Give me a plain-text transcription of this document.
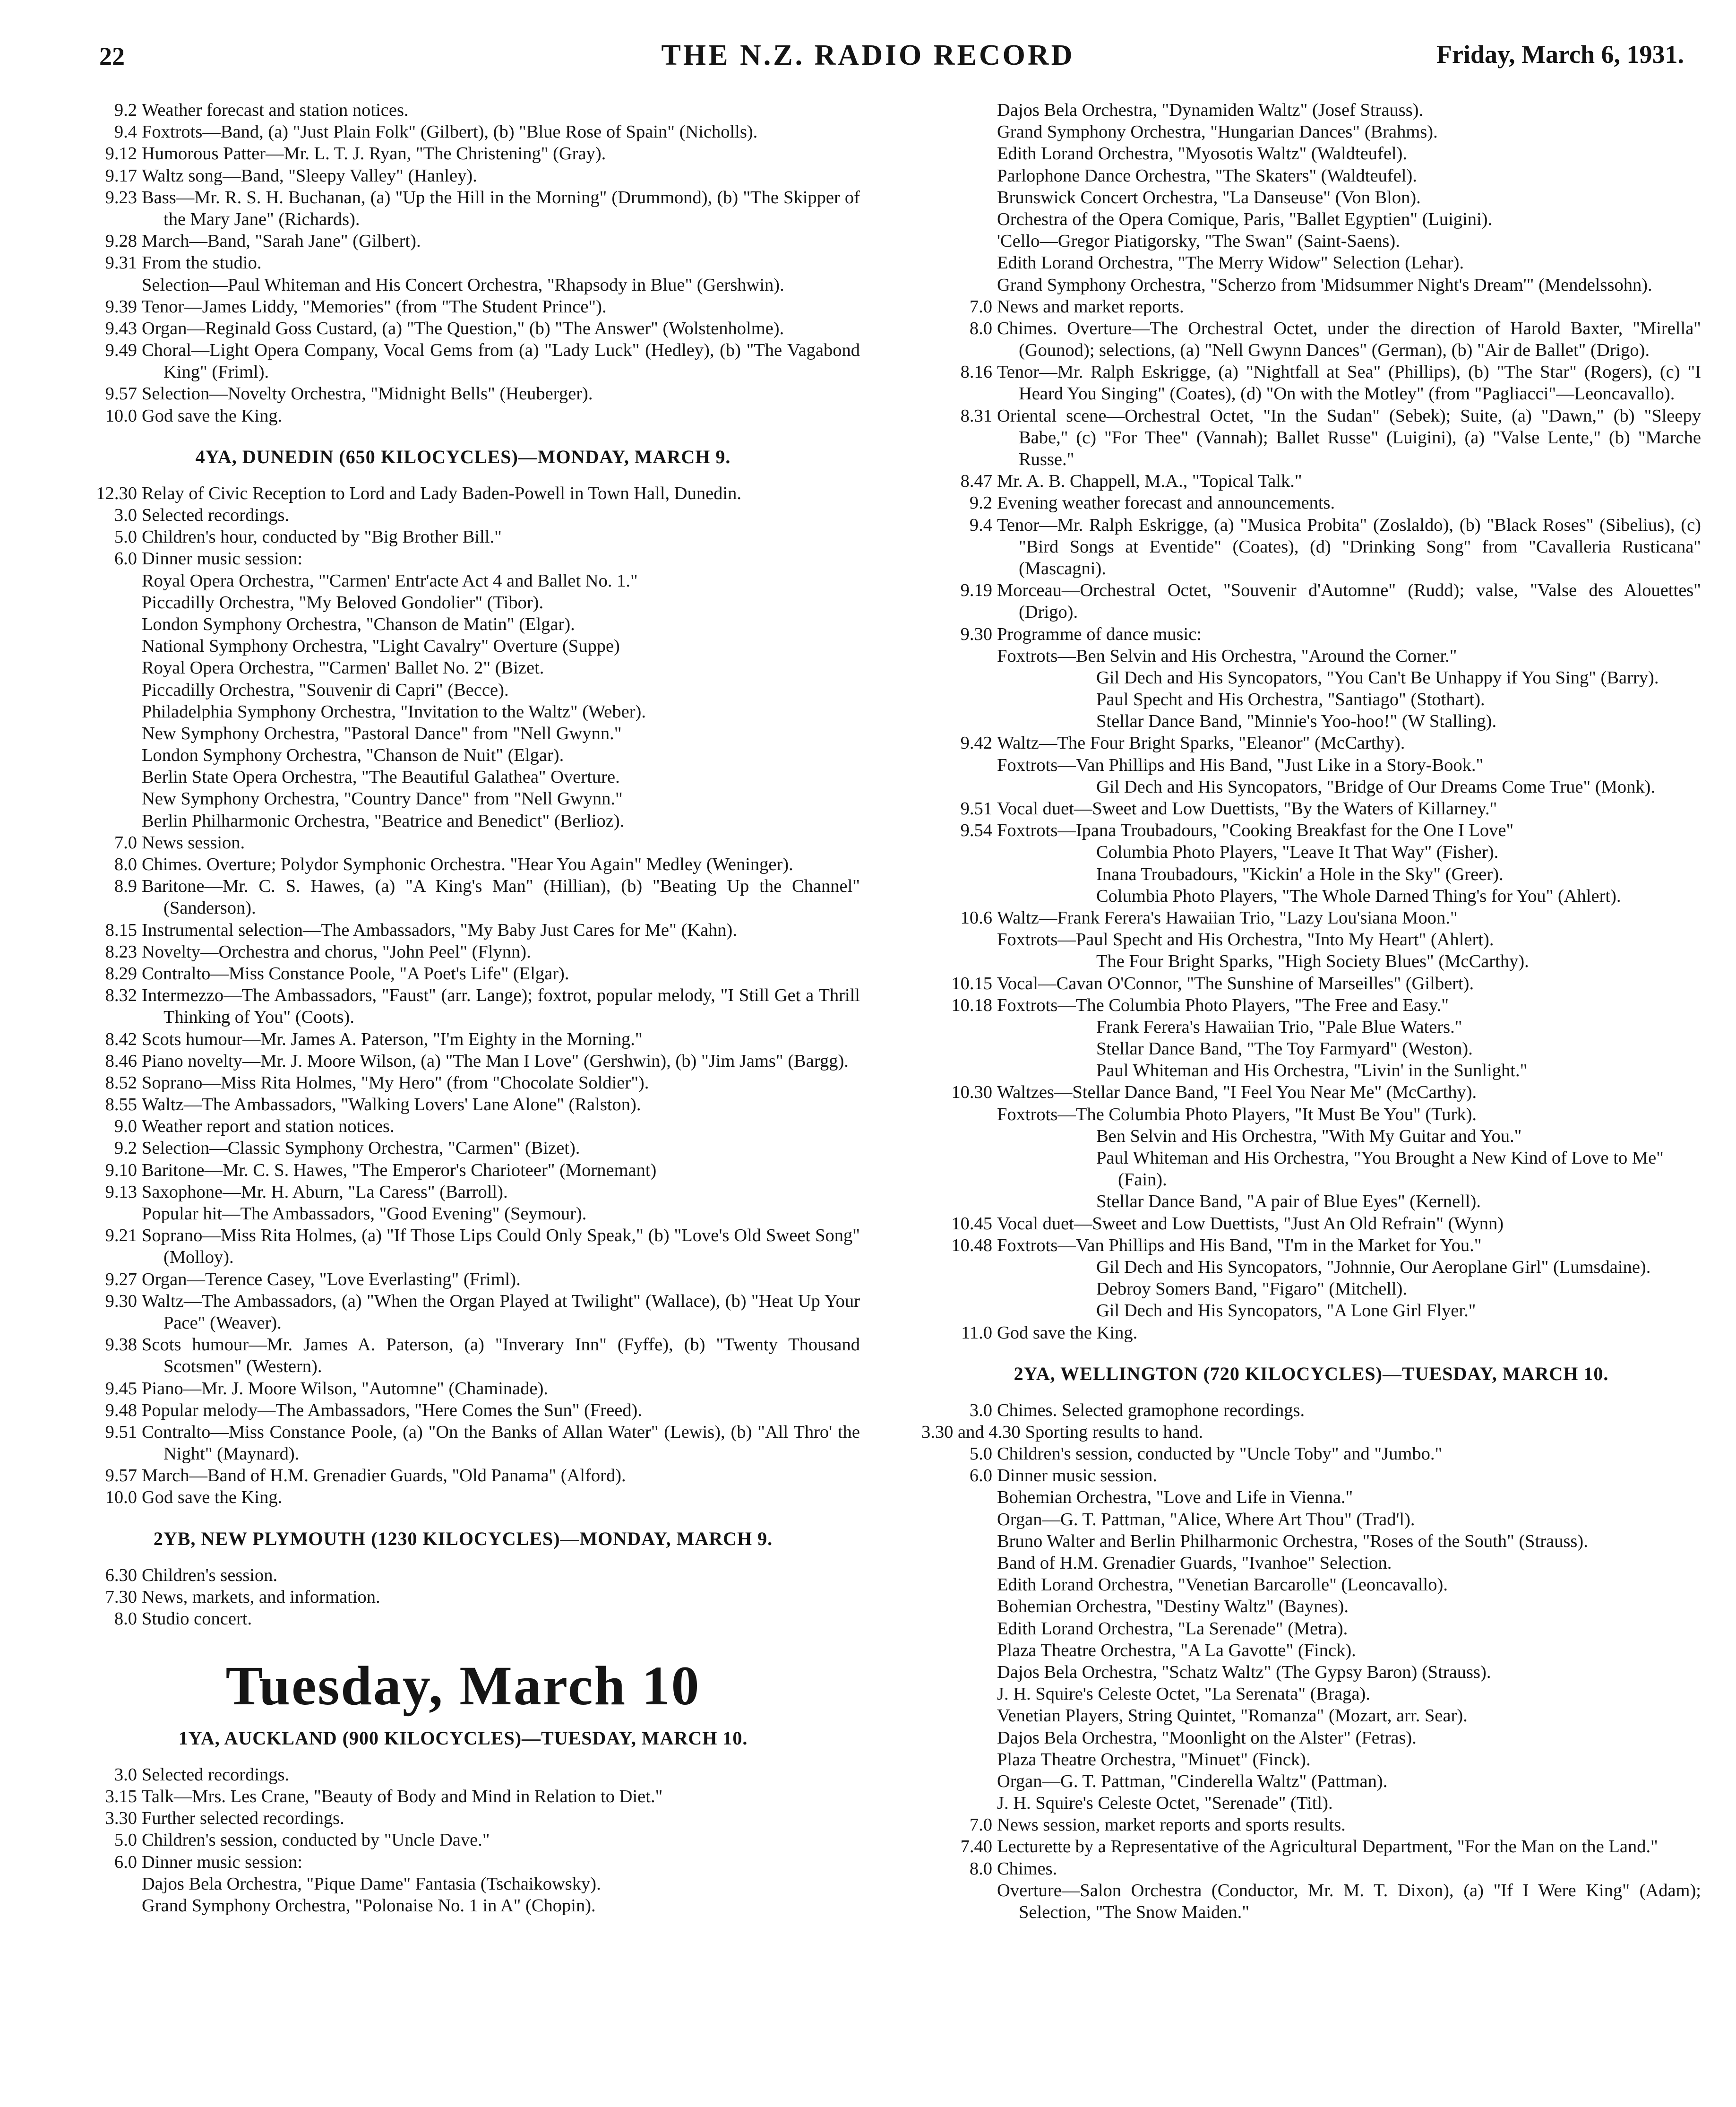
22	THE N.Z. RADIO RECORD	Friday, March 6, 1931.
9.2 Weather forecast and station notices.
9.4 Foxtrots—Band, (a) "Just Plain Folk" (Gilbert), (b) "Blue Rose of Spain" (Nicholls).
9.12 Humorous Patter—Mr. L. T. J. Ryan, "The Christening" (Gray).
9.17 Waltz song—Band, "Sleepy Valley" (Hanley).
9.23 Bass—Mr. R. S. H. Buchanan, (a) "Up the Hill in the Morning" (Drummond), (b) "The Skipper of the Mary Jane" (Richards).
9.28 March—Band, "Sarah Jane" (Gilbert).
9.31 From the studio.
Selection—Paul Whiteman and His Concert Orchestra, "Rhapsody in Blue" (Gershwin).
9.39 Tenor—James Liddy, "Memories" (from "The Student Prince").
9.43 Organ—Reginald Goss Custard, (a) "The Question," (b) "The Answer" (Wolstenholme).
9.49 Choral—Light Opera Company, Vocal Gems from (a) "Lady Luck" (Hedley), (b) "The Vagabond King" (Friml).
9.57 Selection—Novelty Orchestra, "Midnight Bells" (Heuberger).
10.0 God save the King.
4YA, DUNEDIN (650 KILOCYCLES)—MONDAY, MARCH 9.
12.30 Relay of Civic Reception to Lord and Lady Baden-Powell in Town Hall, Dunedin.
3.0 Selected recordings.
5.0 Children's hour, conducted by "Big Brother Bill."
6.0 Dinner music session:
Royal Opera Orchestra, "'Carmen' Entr'acte Act 4 and Ballet No. 1."
Piccadilly Orchestra, "My Beloved Gondolier" (Tibor).
London Symphony Orchestra, "Chanson de Matin" (Elgar).
National Symphony Orchestra, "Light Cavalry" Overture (Suppe)
Royal Opera Orchestra, "'Carmen' Ballet No. 2" (Bizet.
Piccadilly Orchestra, "Souvenir di Capri" (Becce).
Philadelphia Symphony Orchestra, "Invitation to the Waltz" (Weber).
New Symphony Orchestra, "Pastoral Dance" from "Nell Gwynn."
London Symphony Orchestra, "Chanson de Nuit" (Elgar).
Berlin State Opera Orchestra, "The Beautiful Galathea" Overture.
New Symphony Orchestra, "Country Dance" from "Nell Gwynn."
Berlin Philharmonic Orchestra, "Beatrice and Benedict" (Berlioz).
7.0 News session.
8.0 Chimes. Overture; Polydor Symphonic Orchestra. "Hear You Again" Medley (Weninger).
8.9 Baritone—Mr. C. S. Hawes, (a) "A King's Man" (Hillian), (b) "Beating Up the Channel" (Sanderson).
8.15 Instrumental selection—The Ambassadors, "My Baby Just Cares for Me" (Kahn).
8.23 Novelty—Orchestra and chorus, "John Peel" (Flynn).
8.29 Contralto—Miss Constance Poole, "A Poet's Life" (Elgar).
8.32 Intermezzo—The Ambassadors, "Faust" (arr. Lange); foxtrot, popular melody, "I Still Get a Thrill Thinking of You" (Coots).
8.42 Scots humour—Mr. James A. Paterson, "I'm Eighty in the Morning."
8.46 Piano novelty—Mr. J. Moore Wilson, (a) "The Man I Love" (Gershwin), (b) "Jim Jams" (Bargg).
8.52 Soprano—Miss Rita Holmes, "My Hero" (from "Chocolate Soldier").
8.55 Waltz—The Ambassadors, "Walking Lovers' Lane Alone" (Ralston).
9.0 Weather report and station notices.
9.2 Selection—Classic Symphony Orchestra, "Carmen" (Bizet).
9.10 Baritone—Mr. C. S. Hawes, "The Emperor's Charioteer" (Mornemant)
9.13 Saxophone—Mr. H. Aburn, "La Caress" (Barroll).
Popular hit—The Ambassadors, "Good Evening" (Seymour).
9.21 Soprano—Miss Rita Holmes, (a) "If Those Lips Could Only Speak," (b) "Love's Old Sweet Song" (Molloy).
9.27 Organ—Terence Casey, "Love Everlasting" (Friml).
9.30 Waltz—The Ambassadors, (a) "When the Organ Played at Twilight" (Wallace), (b) "Heat Up Your Pace" (Weaver).
9.38 Scots humour—Mr. James A. Paterson, (a) "Inverary Inn" (Fyffe), (b) "Twenty Thousand Scotsmen" (Western).
9.45 Piano—Mr. J. Moore Wilson, "Automne" (Chaminade).
9.48 Popular melody—The Ambassadors, "Here Comes the Sun" (Freed).
9.51 Contralto—Miss Constance Poole, (a) "On the Banks of Allan Water" (Lewis), (b) "All Thro' the Night" (Maynard).
9.57 March—Band of H.M. Grenadier Guards, "Old Panama" (Alford).
10.0 God save the King.
2YB, NEW PLYMOUTH (1230 KILOCYCLES)—MONDAY, MARCH 9.
6.30 Children's session.
7.30 News, markets, and information.
8.0 Studio concert.
Tuesday, March 10
1YA, AUCKLAND (900 KILOCYCLES)—TUESDAY, MARCH 10.
3.0 Selected recordings.
3.15 Talk—Mrs. Les Crane, "Beauty of Body and Mind in Relation to Diet."
3.30 Further selected recordings.
5.0 Children's session, conducted by "Uncle Dave."
6.0 Dinner music session:
Dajos Bela Orchestra, "Pique Dame" Fantasia (Tschaikowsky).
Grand Symphony Orchestra, "Polonaise No. 1 in A" (Chopin).
Dajos Bela Orchestra, "Dynamiden Waltz" (Josef Strauss).
Grand Symphony Orchestra, "Hungarian Dances" (Brahms).
Edith Lorand Orchestra, "Myosotis Waltz" (Waldteufel).
Parlophone Dance Orchestra, "The Skaters" (Waldteufel).
Brunswick Concert Orchestra, "La Danseuse" (Von Blon).
Orchestra of the Opera Comique, Paris, "Ballet Egyptien" (Luigini).
'Cello—Gregor Piatigorsky, "The Swan" (Saint-Saens).
Edith Lorand Orchestra, "The Merry Widow" Selection (Lehar).
Grand Symphony Orchestra, "Scherzo from 'Midsummer Night's Dream'" (Mendelssohn).
7.0 News and market reports.
8.0 Chimes. Overture—The Orchestral Octet, under the direction of Harold Baxter, "Mirella" (Gounod); selections, (a) "Nell Gwynn Dances" (German), (b) "Air de Ballet" (Drigo).
8.16 Tenor—Mr. Ralph Eskrigge, (a) "Nightfall at Sea" (Phillips), (b) "The Star" (Rogers), (c) "I Heard You Singing" (Coates), (d) "On with the Motley" (from "Pagliacci"—Leoncavallo).
8.31 Oriental scene—Orchestral Octet, "In the Sudan" (Sebek); Suite, (a) "Dawn," (b) "Sleepy Babe," (c) "For Thee" (Vannah); Ballet Russe" (Luigini), (a) "Valse Lente," (b) "Marche Russe."
8.47 Mr. A. B. Chappell, M.A., "Topical Talk."
9.2 Evening weather forecast and announcements.
9.4 Tenor—Mr. Ralph Eskrigge, (a) "Musica Probita" (Zoslaldo), (b) "Black Roses" (Sibelius), (c) "Bird Songs at Eventide" (Coates), (d) "Drinking Song" from "Cavalleria Rusticana" (Mascagni).
9.19 Morceau—Orchestral Octet, "Souvenir d'Automne" (Rudd); valse, "Valse des Alouettes" (Drigo).
9.30 Programme of dance music:
Foxtrots—Ben Selvin and His Orchestra, "Around the Corner."
Gil Dech and His Syncopators, "You Can't Be Unhappy if You Sing" (Barry).
Paul Specht and His Orchestra, "Santiago" (Stothart).
Stellar Dance Band, "Minnie's Yoo-hoo!" (W Stalling).
9.42 Waltz—The Four Bright Sparks, "Eleanor" (McCarthy).
Foxtrots—Van Phillips and His Band, "Just Like in a Story-Book."
Gil Dech and His Syncopators, "Bridge of Our Dreams Come True" (Monk).
9.51 Vocal duet—Sweet and Low Duettists, "By the Waters of Killarney."
9.54 Foxtrots—Ipana Troubadours, "Cooking Breakfast for the One I Love"
Columbia Photo Players, "Leave It That Way" (Fisher).
Inana Troubadours, "Kickin' a Hole in the Sky" (Greer).
Columbia Photo Players, "The Whole Darned Thing's for You" (Ahlert).
10.6 Waltz—Frank Ferera's Hawaiian Trio, "Lazy Lou'siana Moon."
Foxtrots—Paul Specht and His Orchestra, "Into My Heart" (Ahlert).
The Four Bright Sparks, "High Society Blues" (McCarthy).
10.15 Vocal—Cavan O'Connor, "The Sunshine of Marseilles" (Gilbert).
10.18 Foxtrots—The Columbia Photo Players, "The Free and Easy."
Frank Ferera's Hawaiian Trio, "Pale Blue Waters."
Stellar Dance Band, "The Toy Farmyard" (Weston).
Paul Whiteman and His Orchestra, "Livin' in the Sunlight."
10.30 Waltzes—Stellar Dance Band, "I Feel You Near Me" (McCarthy).
Foxtrots—The Columbia Photo Players, "It Must Be You" (Turk).
Ben Selvin and His Orchestra, "With My Guitar and You."
Paul Whiteman and His Orchestra, "You Brought a New Kind of Love to Me" (Fain).
Stellar Dance Band, "A pair of Blue Eyes" (Kernell).
10.45 Vocal duet—Sweet and Low Duettists, "Just An Old Refrain" (Wynn)
10.48 Foxtrots—Van Phillips and His Band, "I'm in the Market for You."
Gil Dech and His Syncopators, "Johnnie, Our Aeroplane Girl" (Lumsdaine).
Debroy Somers Band, "Figaro" (Mitchell).
Gil Dech and His Syncopators, "A Lone Girl Flyer."
11.0 God save the King.
2YA, WELLINGTON (720 KILOCYCLES)—TUESDAY, MARCH 10.
3.0 Chimes. Selected gramophone recordings.
3.30 and 4.30 Sporting results to hand.
5.0 Children's session, conducted by "Uncle Toby" and "Jumbo."
6.0 Dinner music session.
Bohemian Orchestra, "Love and Life in Vienna."
Organ—G. T. Pattman, "Alice, Where Art Thou" (Trad'l).
Bruno Walter and Berlin Philharmonic Orchestra, "Roses of the South" (Strauss).
Band of H.M. Grenadier Guards, "Ivanhoe" Selection.
Edith Lorand Orchestra, "Venetian Barcarolle" (Leoncavallo).
Bohemian Orchestra, "Destiny Waltz" (Baynes).
Edith Lorand Orchestra, "La Serenade" (Metra).
Plaza Theatre Orchestra, "A La Gavotte" (Finck).
Dajos Bela Orchestra, "Schatz Waltz" (The Gypsy Baron) (Strauss).
J. H. Squire's Celeste Octet, "La Serenata" (Braga).
Venetian Players, String Quintet, "Romanza" (Mozart, arr. Sear).
Dajos Bela Orchestra, "Moonlight on the Alster" (Fetras).
Plaza Theatre Orchestra, "Minuet" (Finck).
Organ—G. T. Pattman, "Cinderella Waltz" (Pattman).
J. H. Squire's Celeste Octet, "Serenade" (Titl).
7.0 News session, market reports and sports results.
7.40 Lecturette by a Representative of the Agricultural Department, "For the Man on the Land."
8.0 Chimes.
Overture—Salon Orchestra (Conductor, Mr. M. T. Dixon), (a) "If I Were King" (Adam); Selection, "The Snow Maiden."
